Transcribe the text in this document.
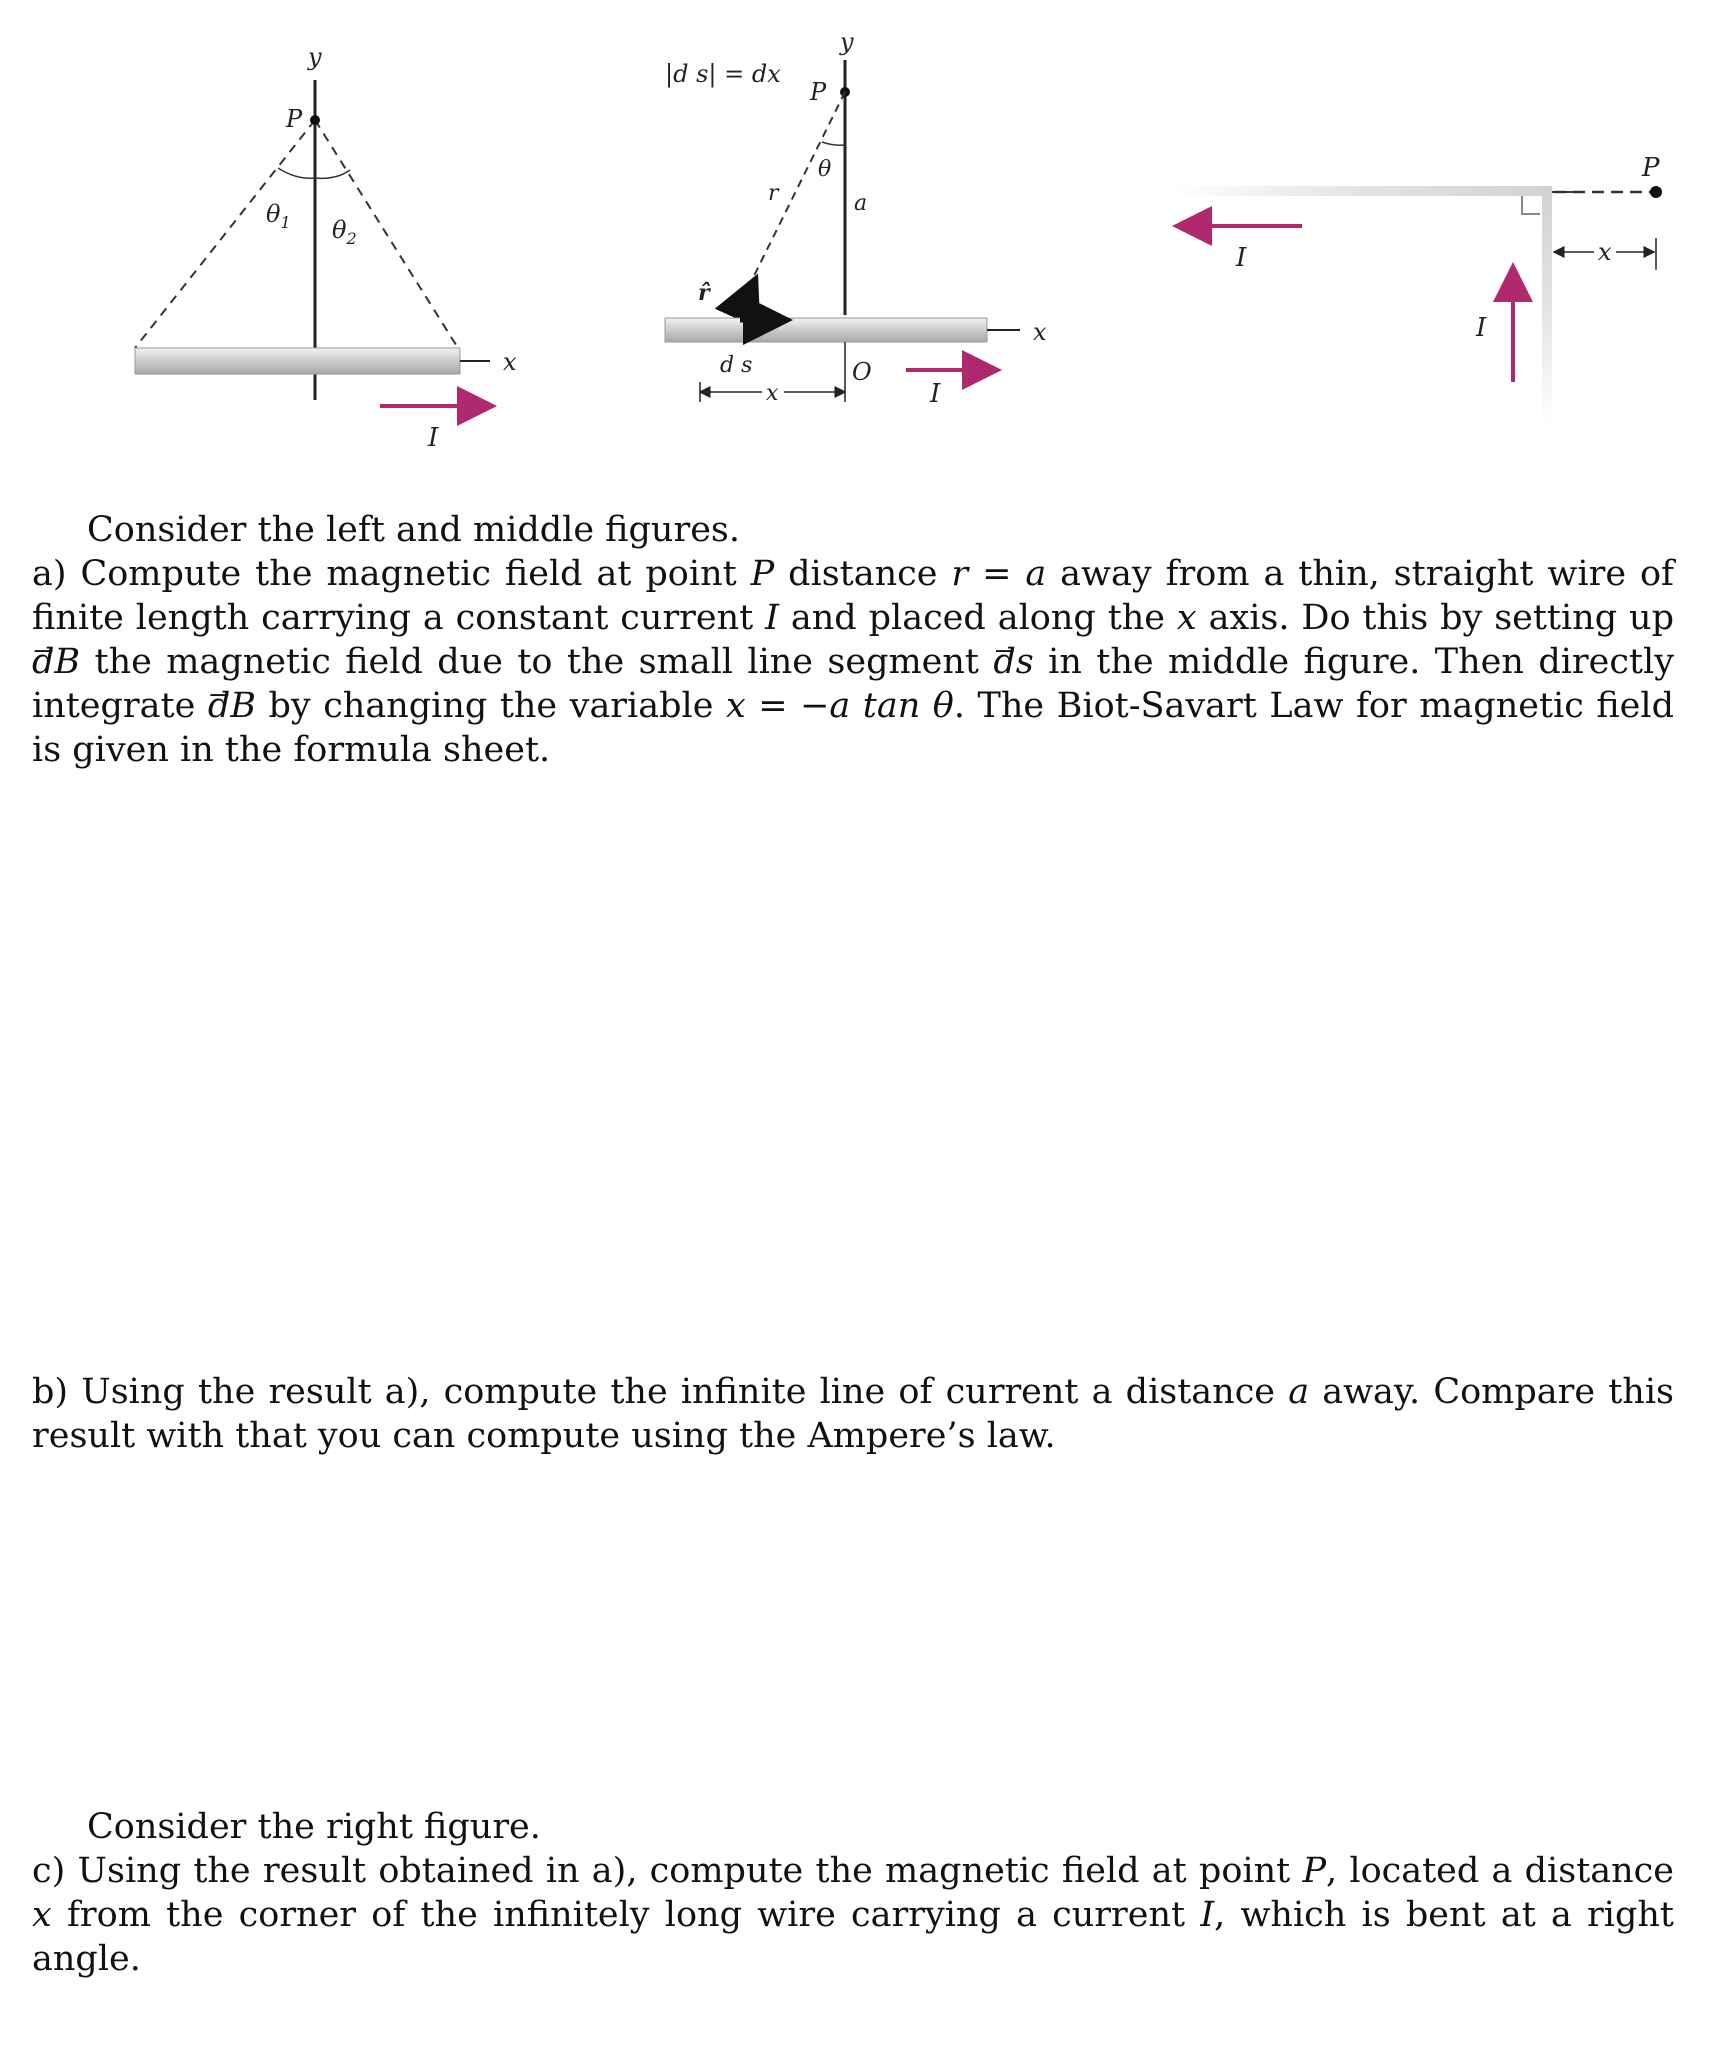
y
P
$\theta_1$ $\theta_2$
x
I
|d s| = dx
y
P
θ
r	a
r̂
x
d s
x
O
I
P
x
I
I

Consider the left and middle figures.

a) Compute the magnetic field at point P distance r = a away from a thin, straight wire of finite length carrying a constant current I and placed along the x axis. Do this by setting up → dB the magnetic field due to the small line segment → ds in the middle figure. Then directly integrate → dB by changing the variable x = −a tan θ. The Biot-Savart Law for magnetic field is given in the formula sheet.

b) Using the result a), compute the infinite line of current a distance a away. Compare this result with that you can compute using the Ampere’s law.

Consider the right figure.

c) Using the result obtained in a), compute the magnetic field at point P, located a distance x from the corner of the infinitely long wire carrying a current I, which is bent at a right angle.
